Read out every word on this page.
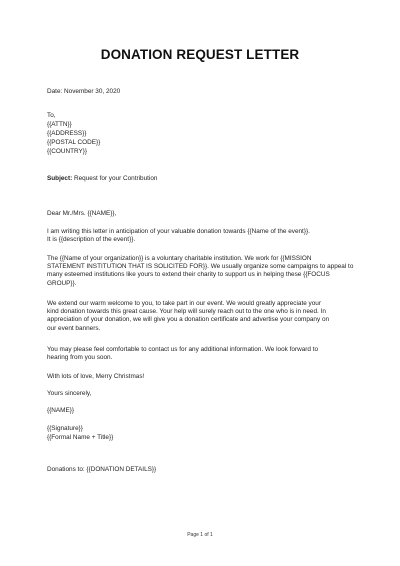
DONATION REQUEST LETTER
Date: November 30, 2020
To,
{{ATTN}}
{{ADDRESS}}
{{POSTAL CODE}}
{{COUNTRY}}
Subject: Request for your Contribution
Dear Mr./Mrs. {{NAME}},
I am writing this letter in anticipation of your valuable donation towards {{Name of the event}}.
It is {{description of the event}}.
The {{Name of your organization}} is a voluntary charitable institution. We work for {{MISSION
STATEMENT INSTITUTION THAT IS SOLICITED FOR}}. We usually organize some campaigns to appeal to
many esteemed institutions like yours to extend their charity to support us in helping these {{FOCUS
GROUP}}.
We extend our warm welcome to you, to take part in our event. We would greatly appreciate your
kind donation towards this great cause. Your help will surely reach out to the one who is in need. In
appreciation of your donation, we will give you a donation certificate and advertise your company on
our event banners.
You may please feel comfortable to contact us for any additional information. We look forward to
hearing from you soon.
With lots of love, Merry Christmas!
Yours sincerely,
{{NAME}}
{{Signature}}
{{Formal Name + Title}}
Donations to: {{DONATION DETAILS}}
Page 1 of 1
